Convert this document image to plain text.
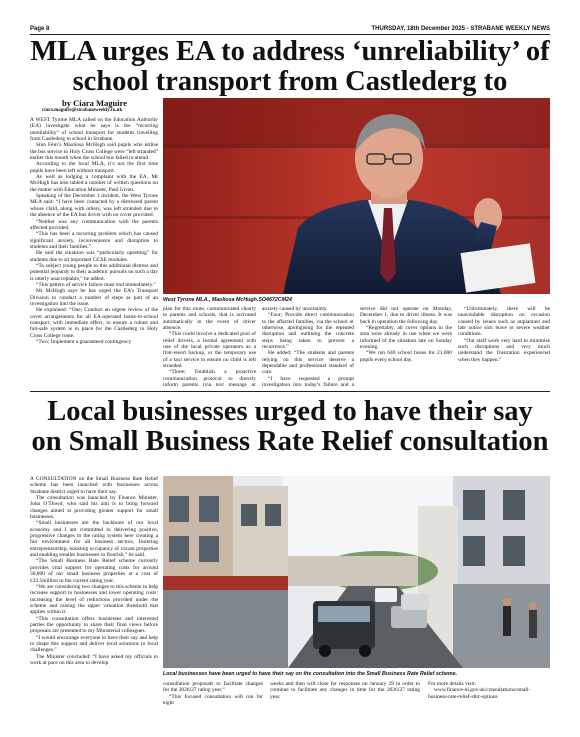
Page 8	THURSDAY, 18th December 2025 - STRABANE WEEKLY NEWS
MLA urges EA to address ‘unreliability’ of
school transport from Castlederg to
by Ciara Maguire
ciara.maguire@strabaneweekly.co.uk

A WEST Tyrone MLA called on the Education Authority (EA) investigate what he says is the “recurring unreliability” of school transport for students travelling from Castlederg to school in Strabane.

Sinn Féin’s Maolíosa McHugh said pupils who utilise the bus service to Holy Cross College were “left stranded” earlier this month when the school bus failed to attend.

According to the local MLA, it’s not the first time pupils have been left without transport.

As well as lodging a complaint with the EA, Mr McHugh has also tabled a number of written questions on the matter with Education Minister, Paul Givan.

Speaking of the December 1 incident, the West Tyrone MLA said: “I have been contacted by a distressed parent whose child, along with others, was left stranded due to the absence of the EA bus driver with no cover provided.

“Neither was any communication with the parents affected provided.

“This has been a recurring problem which has caused significant anxiety, inconvenience and disruption to students and their families.”

He said the situation was “particularly upsetting” for students due to sit important GCSE modules.

“To subject young people to this additional distress and potential jeopardy to their academic pursuits on such a day is utterly unacceptable,” he added.

“This pattern of service failure must end immediately.”

Mr McHugh says he has urged the EA’s Transport Division to conduct a number of steps as part of an investigation into the issue.

He explained: “One; Conduct an urgent review of the cover arrangements for all EA-operated home-to-school transport, with immediate effect, to ensure a robust and fail-safe system is in place for the Castlederg to Holy Cross College route.

“Two; Implement a guaranteed contingency

West Tyrone MLA., Maolíosa McHugh.SO4672CM24

plan for this route, communicated clearly to parents and schools, that is activated automatically in the event of driver absence.

“This could involve a dedicated pool of relief drivers, a formal agreement with one of the local private operators as a first-resort backup, or the temporary use of a taxi service to ensure no child is left stranded.

“Three; Establish a proactive communication protocol to directly inform parents (via text message or

anxiety caused by uncertainty.

“Four; Provide direct communication to the affected families, via the school or otherwise, apologising for the repeated disruption and outlining the concrete steps being taken to prevent a recurrence.”

He added: “The students and parents relying on this service deserve a dependable and professional standard of care.

“I have requested a prompt investigation into today’s failure and a

service did not operate on Monday, December 1, due to driver illness. It was back in operation the following day.

“Regrettably, all cover options in the area were already in use when we were informed of the situation late on Sunday evening.

“We run 640 school buses for 21,000 pupils every school day.

“Unfortunately, there will be unavoidable disruption on occasion caused by issues such as unplanned and late notice sick leave or severe weather conditions.

“Our staff work very hard to minimise such disruptions and very much understand the frustration experienced when they happen.”

Local businesses urged to have their say
on Small Business Rate Relief consultation

A CONSULTATION on the Small Business Rate Relief scheme has been launched with businesses across Strabane district urged to have their say.

The consultation was launched by Finance Minister, John O’Dowd, who said his aim is to bring forward changes aimed at providing greater support for small businesses.

“Small businesses are the backbone of our local economy and I am committed to delivering positive, progressive changes to the rating system here creating a fair environment for all business sectors, fostering entrepreneurship, boosting occupancy of vacant properties and enabling smaller businesses to flourish,” he said.

“The Small Business Rate Relief scheme currently provides vital support for operating costs for around 30,000 of our small business properties at a cost of £22.5million in the current rating year.

“We are considering two changes to this scheme to help increase support to businesses and lower operating costs: increasing the level of reductions provided under the scheme and raising the upper valuation threshold that applies within it.

“This consultation offers businesses and interested parties the opportunity to share their final views before proposals are presented to my Ministerial colleagues.

“I would encourage everyone to have their say and help to shape this support and deliver local solutions to local challenges.”

The Minister concluded: “I have asked my officials to work at pace on this area to develop

Local businesses have been urged to have their say on the consultation into the Small Business Rate Relief scheme.

consultation proposals to facilitate changes for the 2026/27 rating year.”

“This focused consultation will run for eight

weeks and then will close for responses on January 29 in order to continue to facilitate any changes in time for the 2026/27 rating year.

For more details visit:

www.finance-ni.gov.uk/consultations/small-business-rate-relief-sbrr-options
